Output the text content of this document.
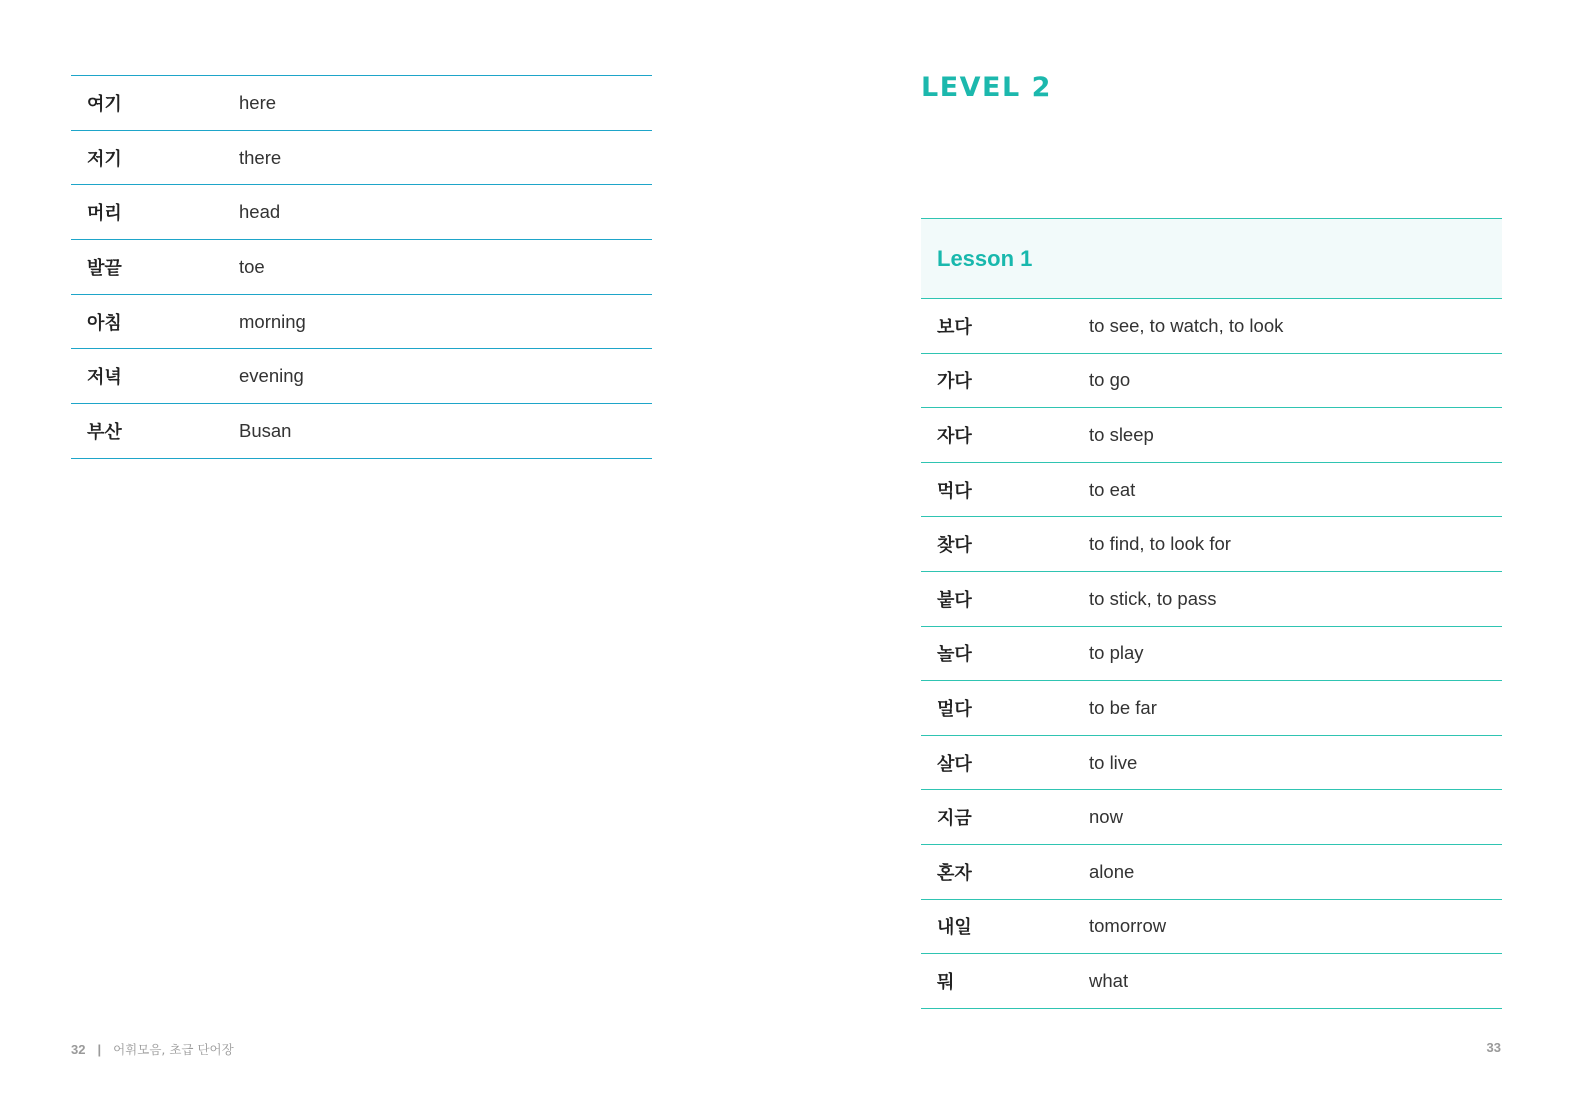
여기	here
저기	there
머리	head
발끝	toe
아침	morning
저녁	evening
부산	Busan
32 | 어휘모음, 초급 단어장
LEVEL 2
Lesson 1
보다	to see, to watch, to look
가다	to go
자다	to sleep
먹다	to eat
찾다	to find, to look for
붙다	to stick, to pass
놀다	to play
멀다	to be far
살다	to live
지금	now
혼자	alone
내일	tomorrow
뭐	what
33
